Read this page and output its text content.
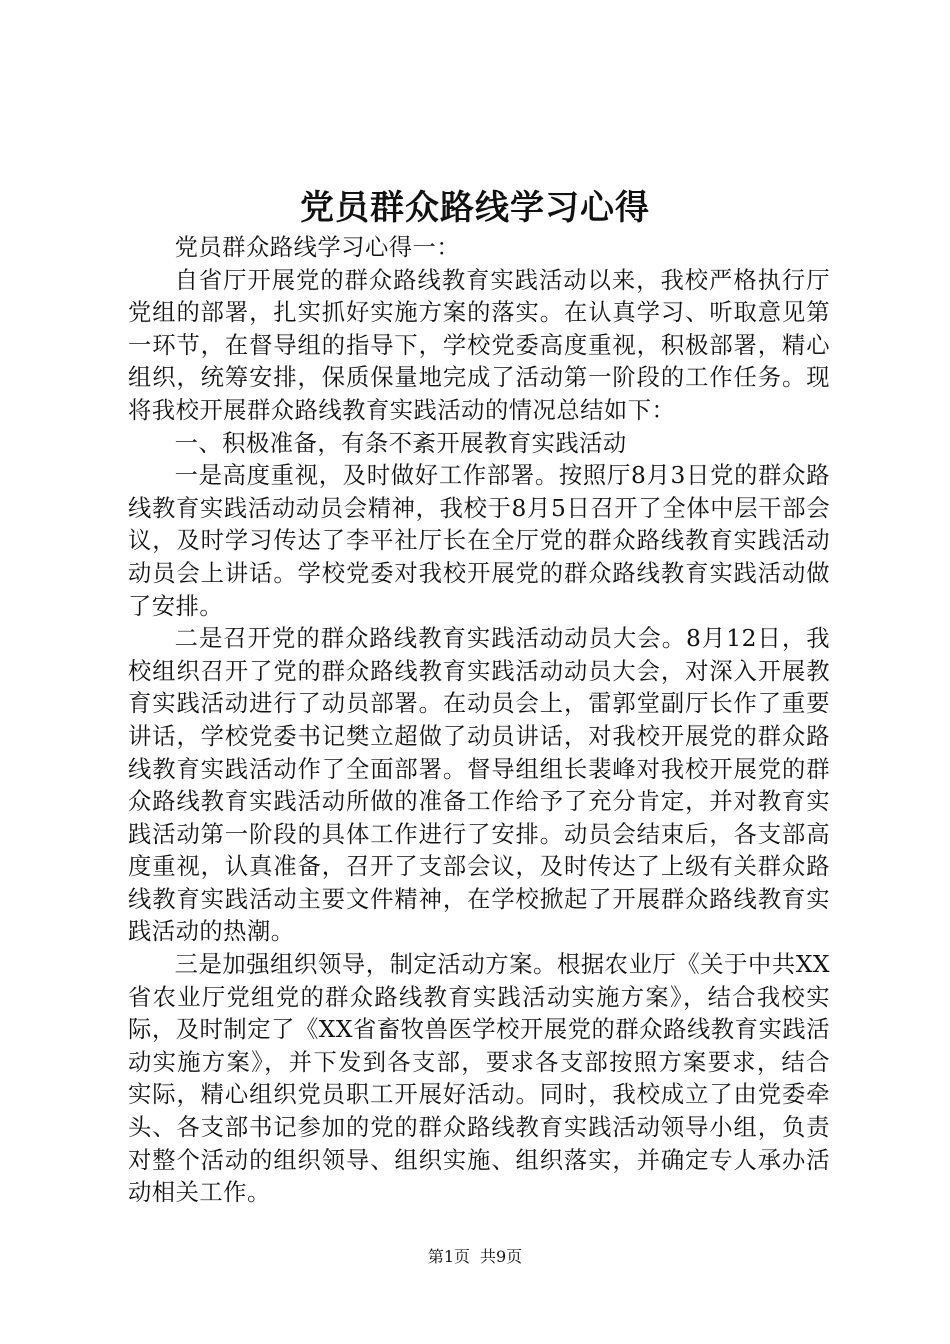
党员群众路线学习心得

党员群众路线学习心得一：

自省厅开展党的群众路线教育实践活动以来，我校严格执行厅党组的部署，扎实抓好实施方案的落实。在认真学习、听取意见第一环节，在督导组的指导下，学校党委高度重视，积极部署，精心组织，统筹安排，保质保量地完成了活动第一阶段的工作任务。现将我校开展群众路线教育实践活动的情况总结如下：

一、积极准备，有条不紊开展教育实践活动

一是高度重视，及时做好工作部署。按照厅8月3日党的群众路线教育实践活动动员会精神，我校于8月5日召开了全体中层干部会议，及时学习传达了李平社厅长在全厅党的群众路线教育实践活动动员会上讲话。学校党委对我校开展党的群众路线教育实践活动做了安排。

二是召开党的群众路线教育实践活动动员大会。8月12日，我校组织召开了党的群众路线教育实践活动动员大会，对深入开展教育实践活动进行了动员部署。在动员会上，雷郭堂副厅长作了重要讲话，学校党委书记樊立超做了动员讲话，对我校开展党的群众路线教育实践活动作了全面部署。督导组组长裴峰对我校开展党的群众路线教育实践活动所做的准备工作给予了充分肯定，并对教育实践活动第一阶段的具体工作进行了安排。动员会结束后，各支部高度重视，认真准备，召开了支部会议，及时传达了上级有关群众路线教育实践活动主要文件精神，在学校掀起了开展群众路线教育实践活动的热潮。

三是加强组织领导，制定活动方案。根据农业厅《关于中共XX省农业厅党组党的群众路线教育实践活动实施方案》，结合我校实际，及时制定了《XX省畜牧兽医学校开展党的群众路线教育实践活动实施方案》，并下发到各支部，要求各支部按照方案要求，结合实际，精心组织党员职工开展好活动。同时，我校成立了由党委牵头、各支部书记参加的党的群众路线教育实践活动领导小组，负责对整个活动的组织领导、组织实施、组织落实，并确定专人承办活动相关工作。

第1页 共9页
